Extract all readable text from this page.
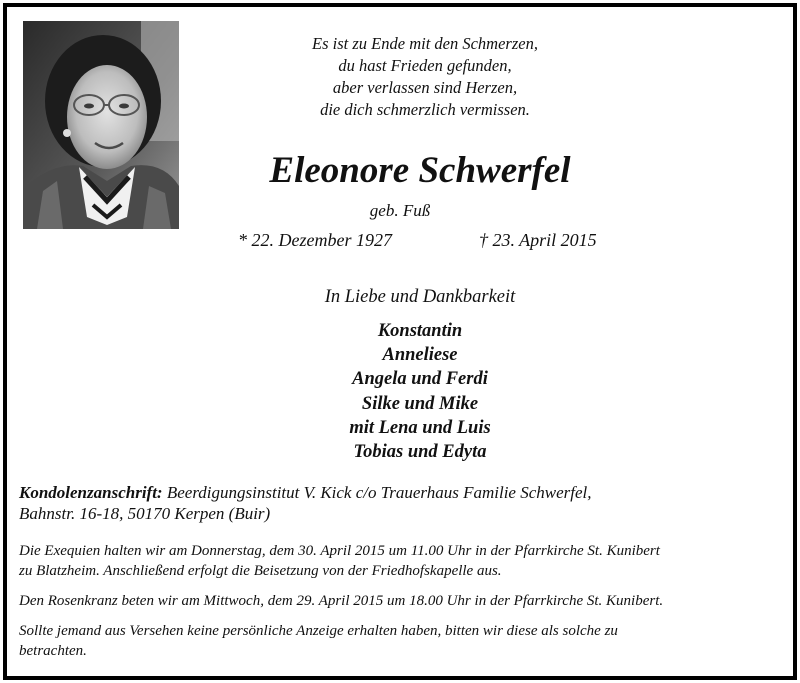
Es ist zu Ende mit den Schmerzen,
du hast Frieden gefunden,
aber verlassen sind Herzen,
die dich schmerzlich vermissen.
Eleonore Schwerfel
geb. Fuß
* 22. Dezember 1927	† 23. April 2015
In Liebe und Dankbarkeit
Konstantin
Anneliese
Angela und Ferdi
Silke und Mike
mit Lena und Luis
Tobias und Edyta
Kondolenzanschrift: Beerdigungsinstitut V. Kick c/o Trauerhaus Familie Schwerfel,
Bahnstr. 16-18, 50170 Kerpen (Buir)
Die Exequien halten wir am Donnerstag, dem 30. April 2015 um 11.00 Uhr in der Pfarrkirche St. Kunibert
zu Blatzheim. Anschließend erfolgt die Beisetzung von der Friedhofskapelle aus.
Den Rosenkranz beten wir am Mittwoch, dem 29. April 2015 um 18.00 Uhr in der Pfarrkirche St. Kunibert.
Sollte jemand aus Versehen keine persönliche Anzeige erhalten haben, bitten wir diese als solche zu
betrachten.
